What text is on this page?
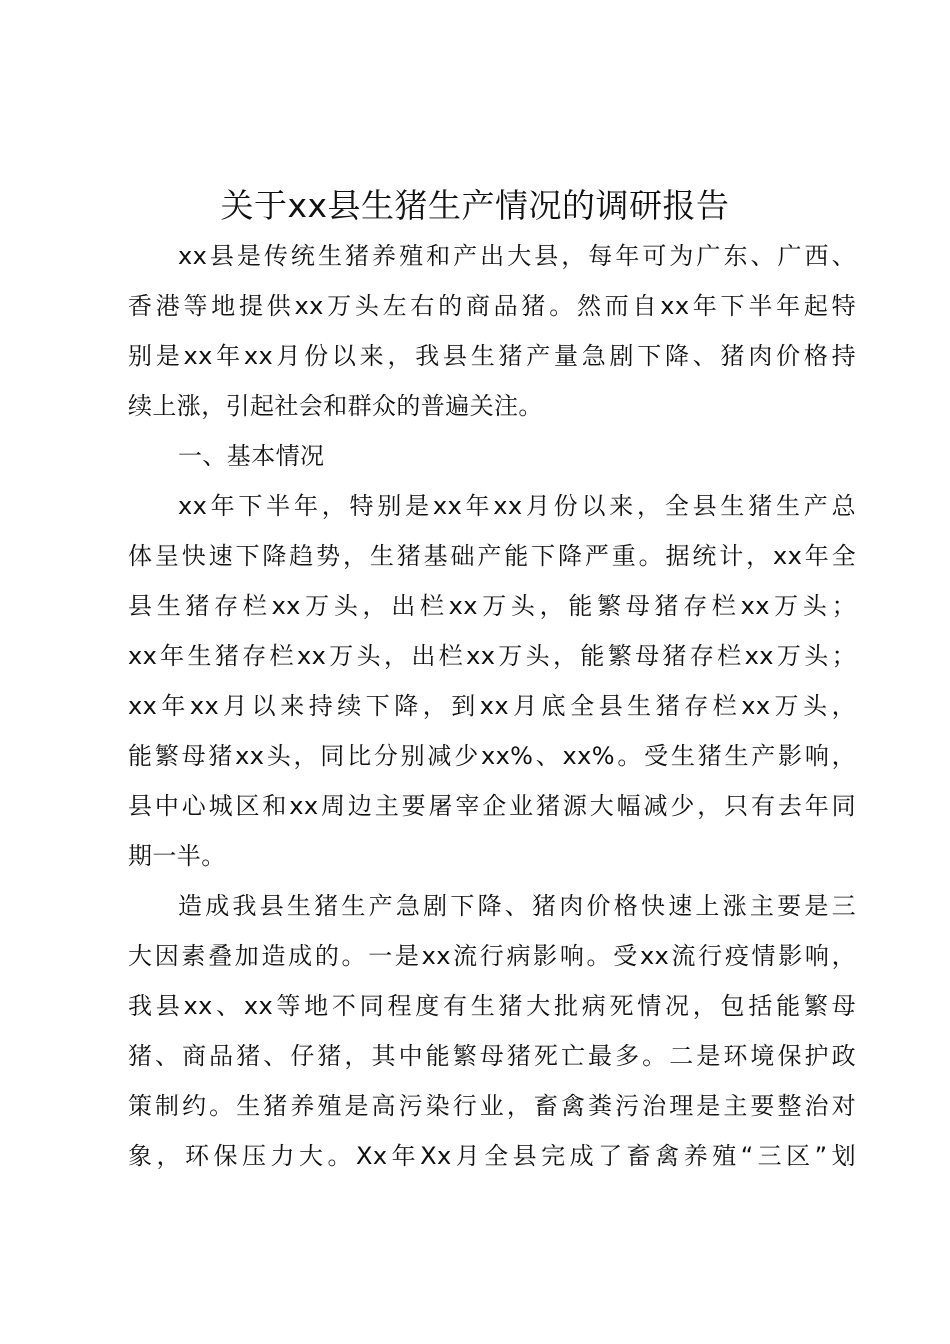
关于xx县生猪生产情况的调研报告
xx县是传统生猪养殖和产出大县，每年可为广东、广西、
香港等地提供xx万头左右的商品猪。然而自xx年下半年起特
别是xx年xx月份以来，我县生猪产量急剧下降、猪肉价格持
续上涨，引起社会和群众的普遍关注。
一、基本情况
xx年下半年，特别是xx年xx月份以来，全县生猪生产总
体呈快速下降趋势，生猪基础产能下降严重。据统计，xx年全
县生猪存栏xx万头，出栏xx万头，能繁母猪存栏xx万头；
xx年生猪存栏xx万头，出栏xx万头，能繁母猪存栏xx万头；
xx年xx月以来持续下降，到xx月底全县生猪存栏xx万头，
能繁母猪xx头，同比分别减少xx%、xx%。受生猪生产影响，
县中心城区和xx周边主要屠宰企业猪源大幅减少，只有去年同
期一半。
造成我县生猪生产急剧下降、猪肉价格快速上涨主要是三
大因素叠加造成的。一是xx流行病影响。受xx流行疫情影响，
我县xx、xx等地不同程度有生猪大批病死情况，包括能繁母
猪、商品猪、仔猪，其中能繁母猪死亡最多。二是环境保护政
策制约。生猪养殖是高污染行业，畜禽粪污治理是主要整治对
象，环保压力大。Xx年Xx月全县完成了畜禽养殖“三区”划
